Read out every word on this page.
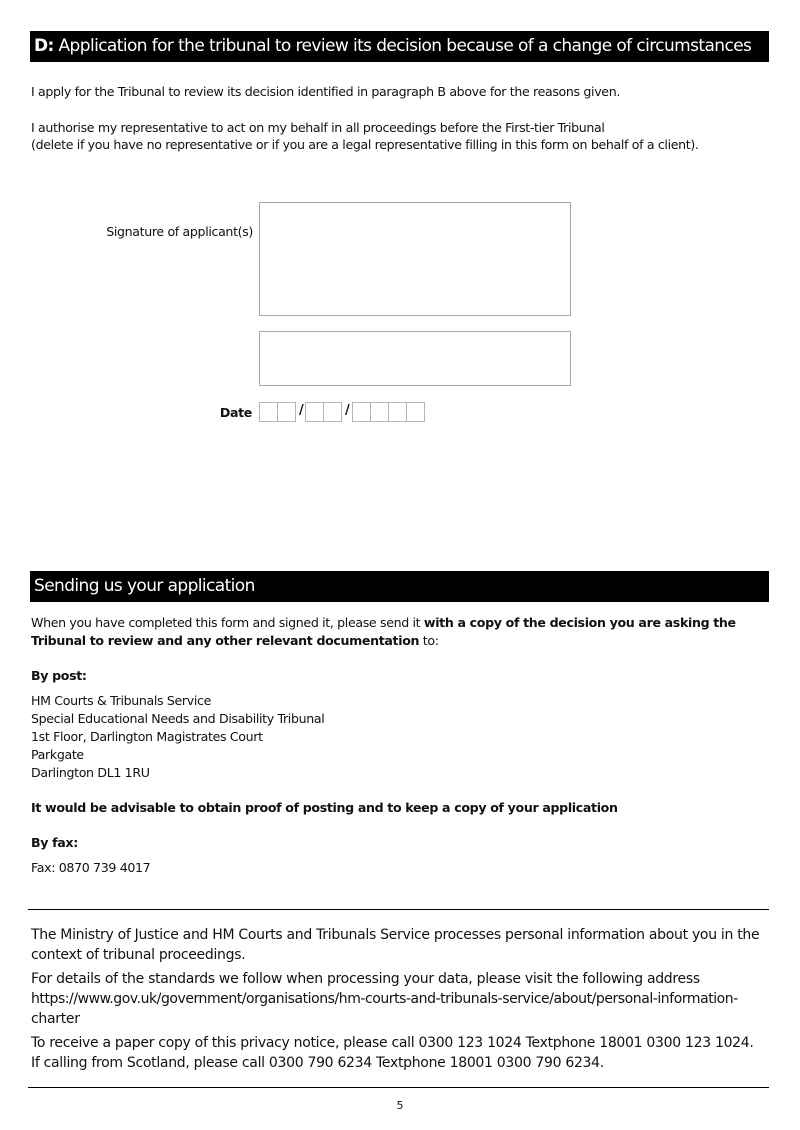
D: Application for the tribunal to review its decision because of a change of circumstances
I apply for the Tribunal to review its decision identified in paragraph B above for the reasons given.
I authorise my representative to act on my behalf in all proceedings before the First-tier Tribunal
(delete if you have no representative or if you are a legal representative filling in this form on behalf of a client).
Signature of applicant(s)
Date	/	/
Sending us your application
When you have completed this form and signed it, please send it with a copy of the decision you are asking the
Tribunal to review and any other relevant documentation to:
By post:
HM Courts & Tribunals Service
Special Educational Needs and Disability Tribunal
1st Floor, Darlington Magistrates Court
Parkgate
Darlington DL1 1RU
It would be advisable to obtain proof of posting and to keep a copy of your application
By fax:
Fax: 0870 739 4017
The Ministry of Justice and HM Courts and Tribunals Service processes personal information about you in the
context of tribunal proceedings.
For details of the standards we follow when processing your data, please visit the following address
https://www.gov.uk/government/organisations/hm-courts-and-tribunals-service/about/personal-information-
charter
To receive a paper copy of this privacy notice, please call 0300 123 1024 Textphone 18001 0300 123 1024.
If calling from Scotland, please call 0300 790 6234 Textphone 18001 0300 790 6234.
5
